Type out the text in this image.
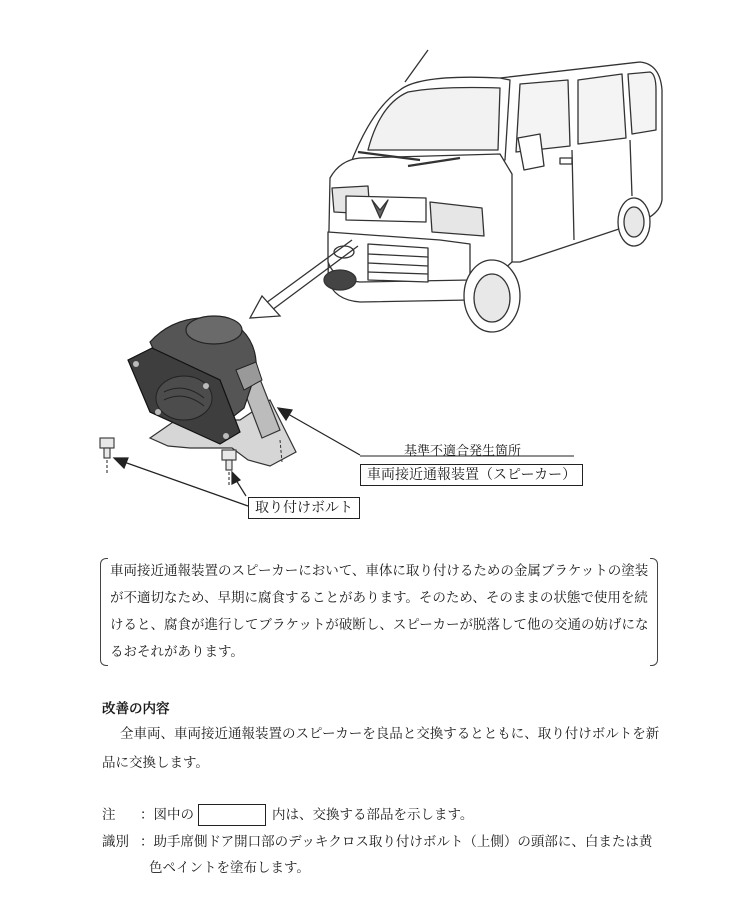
基準不適合発生箇所
車両接近通報装置（スピーカー）
取り付けボルト
車両接近通報装置のスピーカーにおいて、車体に取り付けるための金属ブラケットの塗装が不適切なため、早期に腐食することがあります。そのため、そのままの状態で使用を続けると、腐食が進行してブラケットが破断し、スピーカーが脱落して他の交通の妨げになるおそれがあります。
改善の内容
全車両、車両接近通報装置のスピーカーを良品と交換するとともに、取り付けボルトを新品に交換します。
注 ：図中の	内は、交換する部品を示します。
識別 ：助手席側ドア開口部のデッキクロス取り付けボルト（上側）の頭部に、白または黄
色ペイントを塗布します。
